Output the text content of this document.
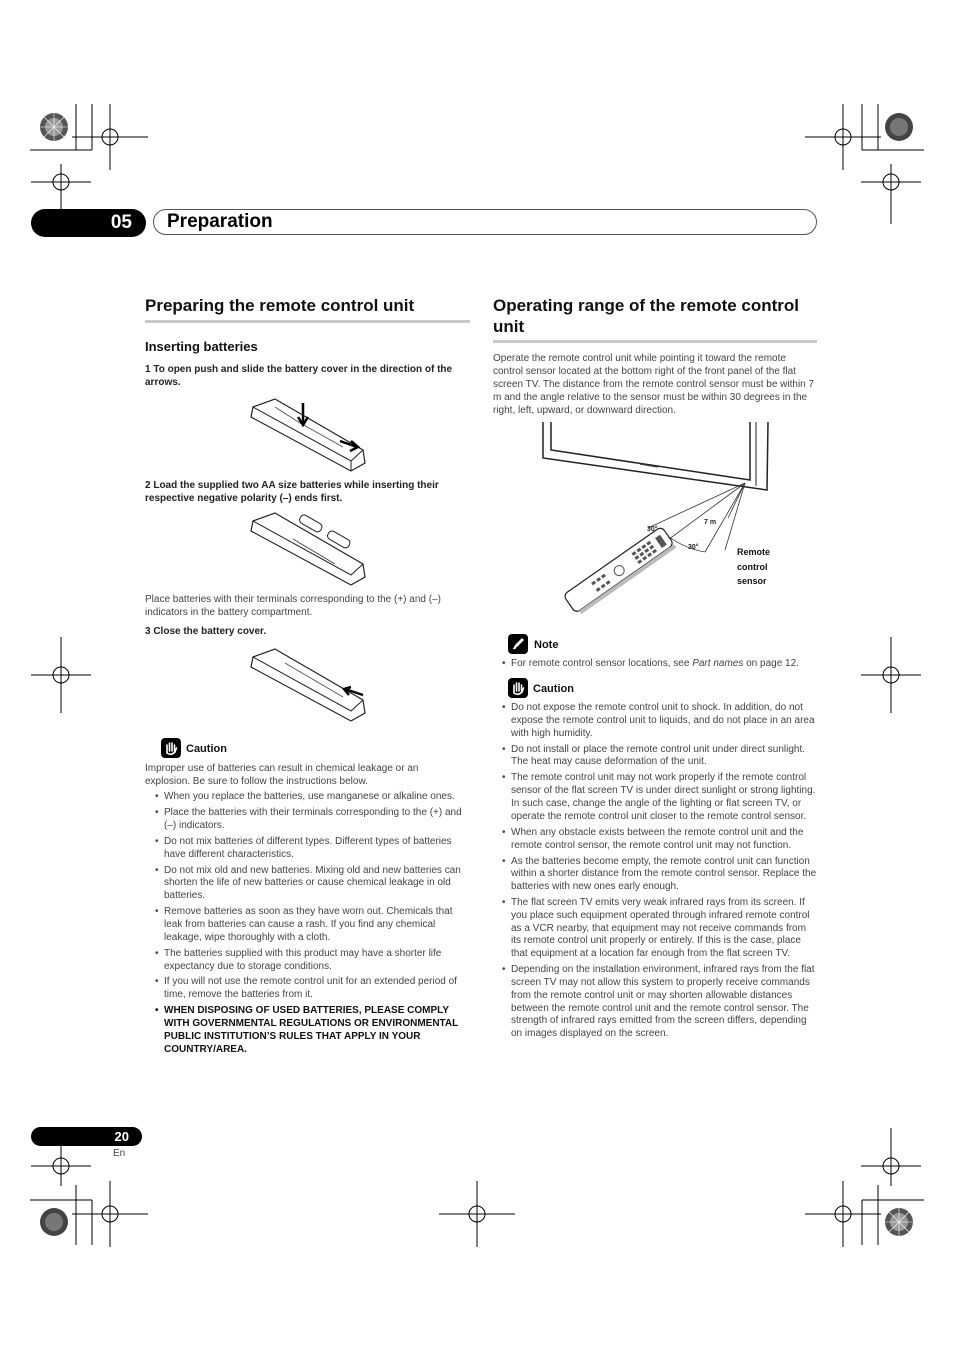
05	Preparation
Preparing the remote control unit
Inserting batteries
1 To open push and slide the battery cover in the direction of the arrows.
2 Load the supplied two AA size batteries while inserting their respective negative polarity (–) ends first.
Place batteries with their terminals corresponding to the (+) and (–) indicators in the battery compartment.
3 Close the battery cover.
Caution
Improper use of batteries can result in chemical leakage or an explosion. Be sure to follow the instructions below.
• When you replace the batteries, use manganese or alkaline ones.
• Place the batteries with their terminals corresponding to the (+) and (–) indicators.
• Do not mix batteries of different types. Different types of batteries have different characteristics.
• Do not mix old and new batteries. Mixing old and new batteries can shorten the life of new batteries or cause chemical leakage in old batteries.
• Remove batteries as soon as they have worn out. Chemicals that leak from batteries can cause a rash. If you find any chemical leakage, wipe thoroughly with a cloth.
• The batteries supplied with this product may have a shorter life expectancy due to storage conditions.
• If you will not use the remote control unit for an extended period of time, remove the batteries from it.
• WHEN DISPOSING OF USED BATTERIES, PLEASE COMPLY WITH GOVERNMENTAL REGULATIONS OR ENVIRONMENTAL PUBLIC INSTITUTION’S RULES THAT APPLY IN YOUR COUNTRY/AREA.
Operating range of the remote control unit
Operate the remote control unit while pointing it toward the remote control sensor located at the bottom right of the front panel of the flat screen TV. The distance from the remote control sensor must be within 7 m and the angle relative to the sensor must be within 30 degrees in the right, left, upward, or downward direction.
30°
30°
7 m
Remote
control
sensor
Note
• For remote control sensor locations, see Part names on page 12.
Caution
• Do not expose the remote control unit to shock. In addition, do not expose the remote control unit to liquids, and do not place in an area with high humidity.
• Do not install or place the remote control unit under direct sunlight. The heat may cause deformation of the unit.
• The remote control unit may not work properly if the remote control sensor of the flat screen TV is under direct sunlight or strong lighting. In such case, change the angle of the lighting or flat screen TV, or operate the remote control unit closer to the remote control sensor.
• When any obstacle exists between the remote control unit and the remote control sensor, the remote control unit may not function.
• As the batteries become empty, the remote control unit can function within a shorter distance from the remote control sensor. Replace the batteries with new ones early enough.
• The flat screen TV emits very weak infrared rays from its screen. If you place such equipment operated through infrared remote control as a VCR nearby, that equipment may not receive commands from its remote control unit properly or entirely. If this is the case, place that equipment at a location far enough from the flat screen TV.
• Depending on the installation environment, infrared rays from the flat screen TV may not allow this system to properly receive commands from the remote control unit or may shorten allowable distances between the remote control unit and the remote control sensor. The strength of infrared rays emitted from the screen differs, depending on images displayed on the screen.
20
En
